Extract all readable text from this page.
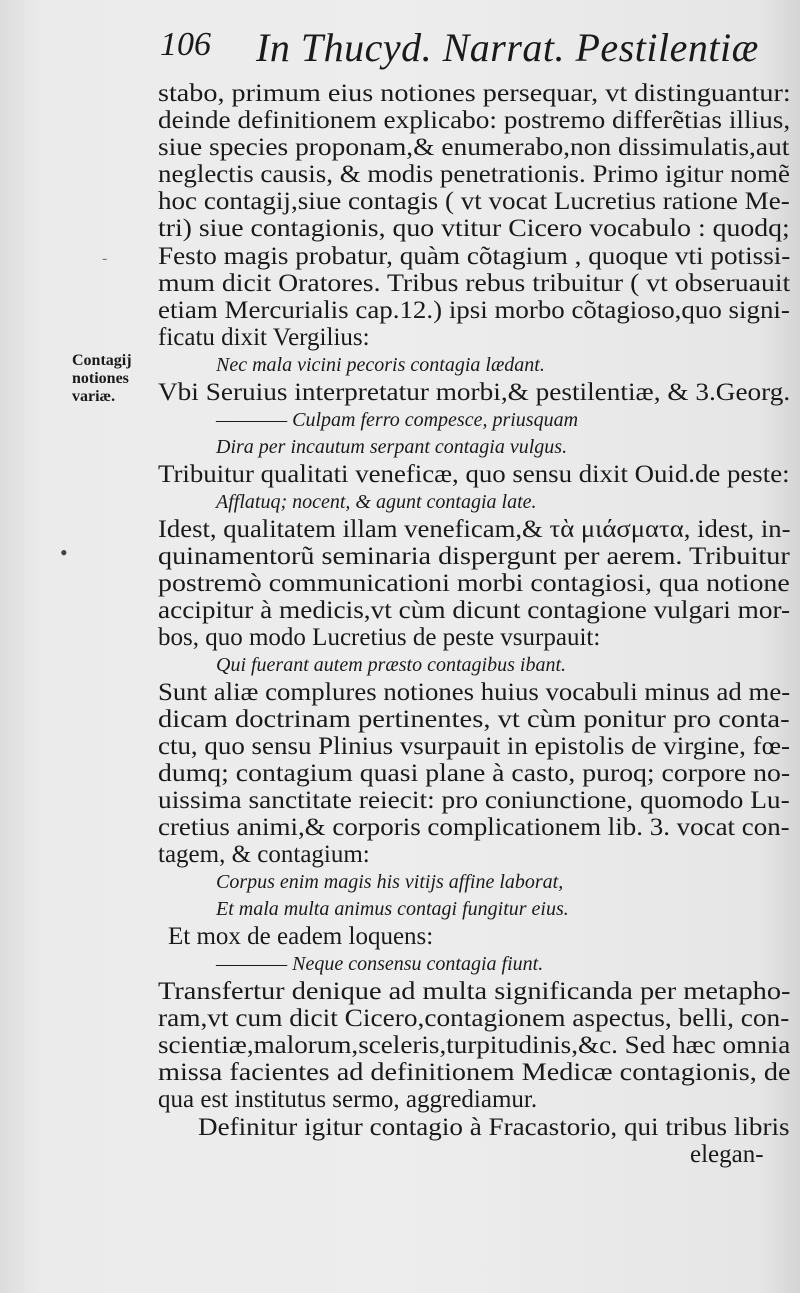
106 In Thucyd. Narrat. Pestilentiæ
Contagij
notiones
variæ.
-
•
stabo, primum eius notiones persequar, vt distinguantur:
deinde definitionem explicabo: postremo differẽtias illius,
siue species proponam,& enumerabo,non dissimulatis,aut
neglectis causis, & modis penetrationis. Primo igitur nomẽ
hoc contagij,siue contagis ( vt vocat Lucretius ratione Me-
tri) siue contagionis, quo vtitur Cicero vocabulo : quodq;
Festo magis probatur, quàm cõtagium , quoque vti potissi-
mum dicit Oratores. Tribus rebus tribuitur ( vt obseruauit
etiam Mercurialis cap.12.) ipsi morbo cõtagioso,quo signi-
ficatu dixit Vergilius:
Nec mala vicini pecoris contagia lædant.
Vbi Seruius interpretatur morbi,& pestilentiæ, & 3.Georg.
———— Culpam ferro compesce, priusquam
Dira per incautum serpant contagia vulgus.
Tribuitur qualitati veneficæ, quo sensu dixit Ouid.de peste:
Afflatuq; nocent, & agunt contagia late.
Idest, qualitatem illam veneficam,& τὰ μιάσματα, idest, in-
quinamentorũ seminaria dispergunt per aerem. Tribuitur
postremò communicationi morbi contagiosi, qua notione
accipitur à medicis,vt cùm dicunt contagione vulgari mor-
bos, quo modo Lucretius de peste vsurpauit:
Qui fuerant autem præsto contagibus ibant.
Sunt aliæ complures notiones huius vocabuli minus ad me-
dicam doctrinam pertinentes, vt cùm ponitur pro conta-
ctu, quo sensu Plinius vsurpauit in epistolis de virgine, fœ-
dumq; contagium quasi plane à casto, puroq; corpore no-
uissima sanctitate reiecit: pro coniunctione, quomodo Lu-
cretius animi,& corporis complicationem lib. 3. vocat con-
tagem, & contagium:
Corpus enim magis his vitijs affine laborat,
Et mala multa animus contagi fungitur eius.
Et mox de eadem loquens:
———— Neque consensu contagia fiunt.
Transfertur denique ad multa significanda per metapho-
ram,vt cum dicit Cicero,contagionem aspectus, belli, con-
scientiæ,malorum,sceleris,turpitudinis,&c. Sed hæc omnia
missa facientes ad definitionem Medicæ contagionis, de
qua est institutus sermo, aggrediamur.
Definitur igitur contagio à Fracastorio, qui tribus libris
elegan-
